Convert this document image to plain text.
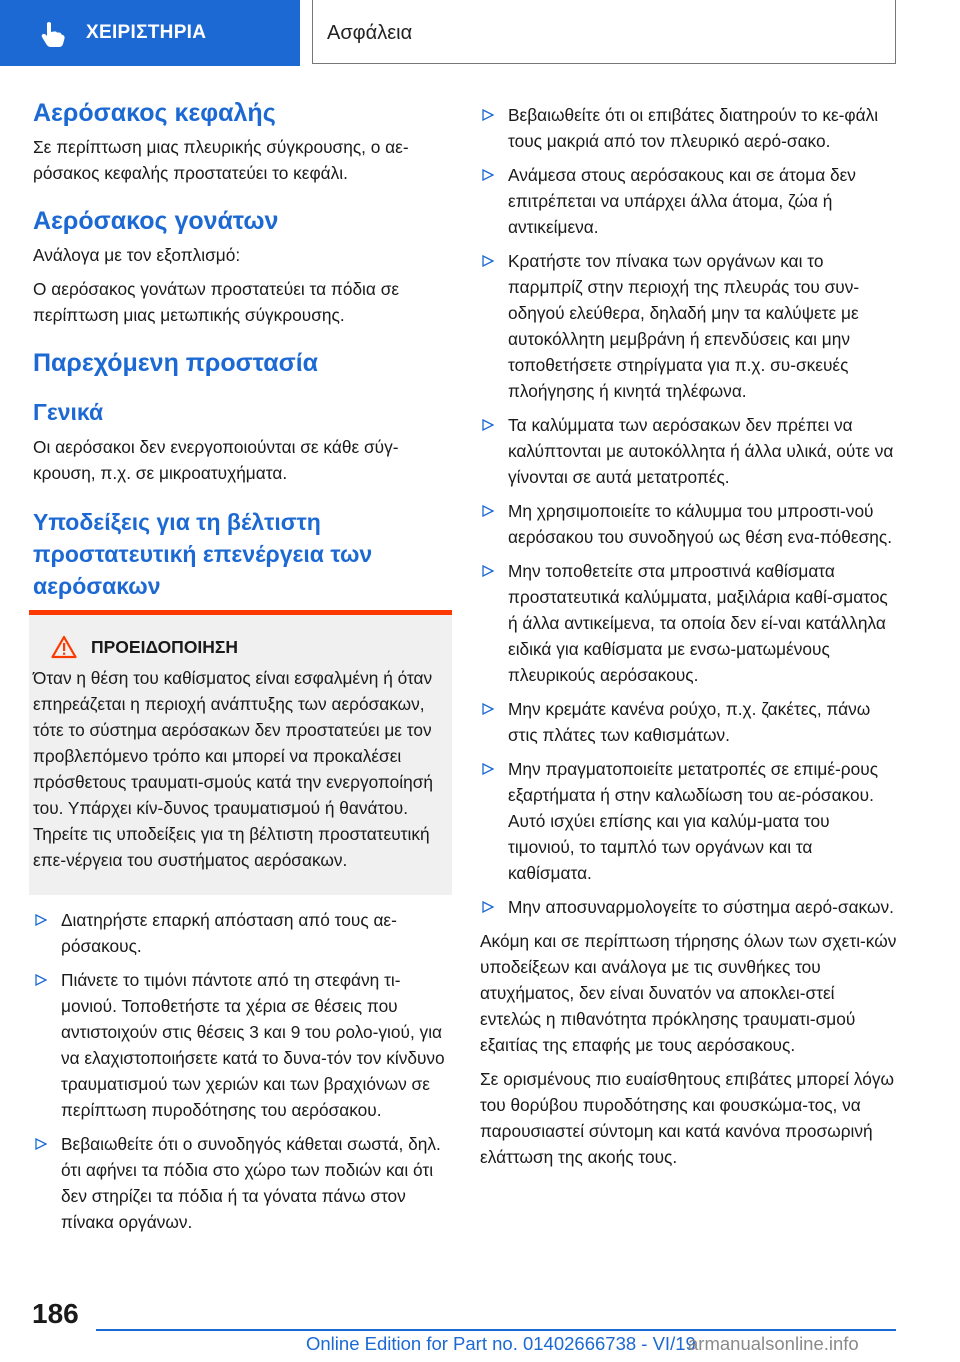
ΧΕΙΡΙΣΤΗΡΙΑ	Ασφάλεια
Αερόσακος κεφαλής
Σε περίπτωση μιας πλευρικής σύγκρουσης, ο αε-ρόσακος κεφαλής προστατεύει το κεφάλι.
Αερόσακος γονάτων
Ανάλογα με τον εξοπλισμό:
Ο αερόσακος γονάτων προστατεύει τα πόδια σε περίπτωση μιας μετωπικής σύγκρουσης.
Παρεχόμενη προστασία
Γενικά
Οι αερόσακοι δεν ενεργοποιούνται σε κάθε σύγ-κρουση, π.χ. σε μικροατυχήματα.
Υποδείξεις για τη βέλτιστη προστατευτική επενέργεια των αερόσακων
ΠΡΟΕΙΔΟΠΟΙΗΣΗ
Όταν η θέση του καθίσματος είναι εσφαλμένη ή όταν επηρεάζεται η περιοχή ανάπτυξης των αερόσακων, τότε το σύστημα αερόσακων δεν προστατεύει με τον προβλεπόμενο τρόπο και μπορεί να προκαλέσει πρόσθετους τραυματι-σμούς κατά την ενεργοποίησή του. Υπάρχει κίν-δυνος τραυματισμού ή θανάτου. Τηρείτε τις υποδείξεις για τη βέλτιστη προστατευτική επε-νέργεια του συστήματος αερόσακων.
Διατηρήστε επαρκή απόσταση από τους αε-ρόσακους.
Πιάνετε το τιμόνι πάντοτε από τη στεφάνη τι-μονιού. Τοποθετήστε τα χέρια σε θέσεις που αντιστοιχούν στις θέσεις 3 και 9 του ρολο-γιού, για να ελαχιστοποιήσετε κατά το δυνα-τόν τον κίνδυνο τραυματισμού των χεριών και των βραχιόνων σε περίπτωση πυροδότησης του αερόσακου.
Βεβαιωθείτε ότι ο συνοδηγός κάθεται σωστά, δηλ. ότι αφήνει τα πόδια στο χώρο των ποδιών και ότι δεν στηρίζει τα πόδια ή τα γόνατα πάνω στον πίνακα οργάνων.
Βεβαιωθείτε ότι οι επιβάτες διατηρούν το κε-φάλι τους μακριά από τον πλευρικό αερό-σακο.
Ανάμεσα στους αερόσακους και σε άτομα δεν επιτρέπεται να υπάρχει άλλα άτομα, ζώα ή αντικείμενα.
Κρατήστε τον πίνακα των οργάνων και το παρμπρίζ στην περιοχή της πλευράς του συν-οδηγού ελεύθερα, δηλαδή μην τα καλύψετε με αυτοκόλλητη μεμβράνη ή επενδύσεις και μην τοποθετήσετε στηρίγματα για π.χ. συ-σκευές πλοήγησης ή κινητά τηλέφωνα.
Τα καλύμματα των αερόσακων δεν πρέπει να καλύπτονται με αυτοκόλλητα ή άλλα υλικά, ούτε να γίνονται σε αυτά μετατροπές.
Μη χρησιμοποιείτε το κάλυμμα του μπροστι-νού αερόσακου του συνοδηγού ως θέση ενα-πόθεσης.
Μην τοποθετείτε στα μπροστινά καθίσματα προστατευτικά καλύμματα, μαξιλάρια καθί-σματος ή άλλα αντικείμενα, τα οποία δεν εί-ναι κατάλληλα ειδικά για καθίσματα με ενσω-ματωμένους πλευρικούς αερόσακους.
Μην κρεμάτε κανένα ρούχο, π.χ. ζακέτες, πάνω στις πλάτες των καθισμάτων.
Μην πραγματοποιείτε μετατροπές σε επιμέ-ρους εξαρτήματα ή στην καλωδίωση του αε-ρόσακου. Αυτό ισχύει επίσης και για καλύμ-ματα του τιμονιού, το ταμπλό των οργάνων και τα καθίσματα.
Μην αποσυναρμολογείτε το σύστημα αερό-σακων.
Ακόμη και σε περίπτωση τήρησης όλων των σχετι-κών υποδείξεων και ανάλογα με τις συνθήκες του ατυχήματος, δεν είναι δυνατόν να αποκλει-στεί εντελώς η πιθανότητα πρόκλησης τραυματι-σμού εξαιτίας της επαφής με τους αερόσακους.
Σε ορισμένους πιο ευαίσθητους επιβάτες μπορεί λόγω του θορύβου πυροδότησης και φουσκώμα-τος, να παρουσιαστεί σύντομη και κατά κανόνα προσωρινή ελάττωση της ακοής τους.
186
Online Edition for Part no. 01402666738 - VI/19
armanualsonline.info
